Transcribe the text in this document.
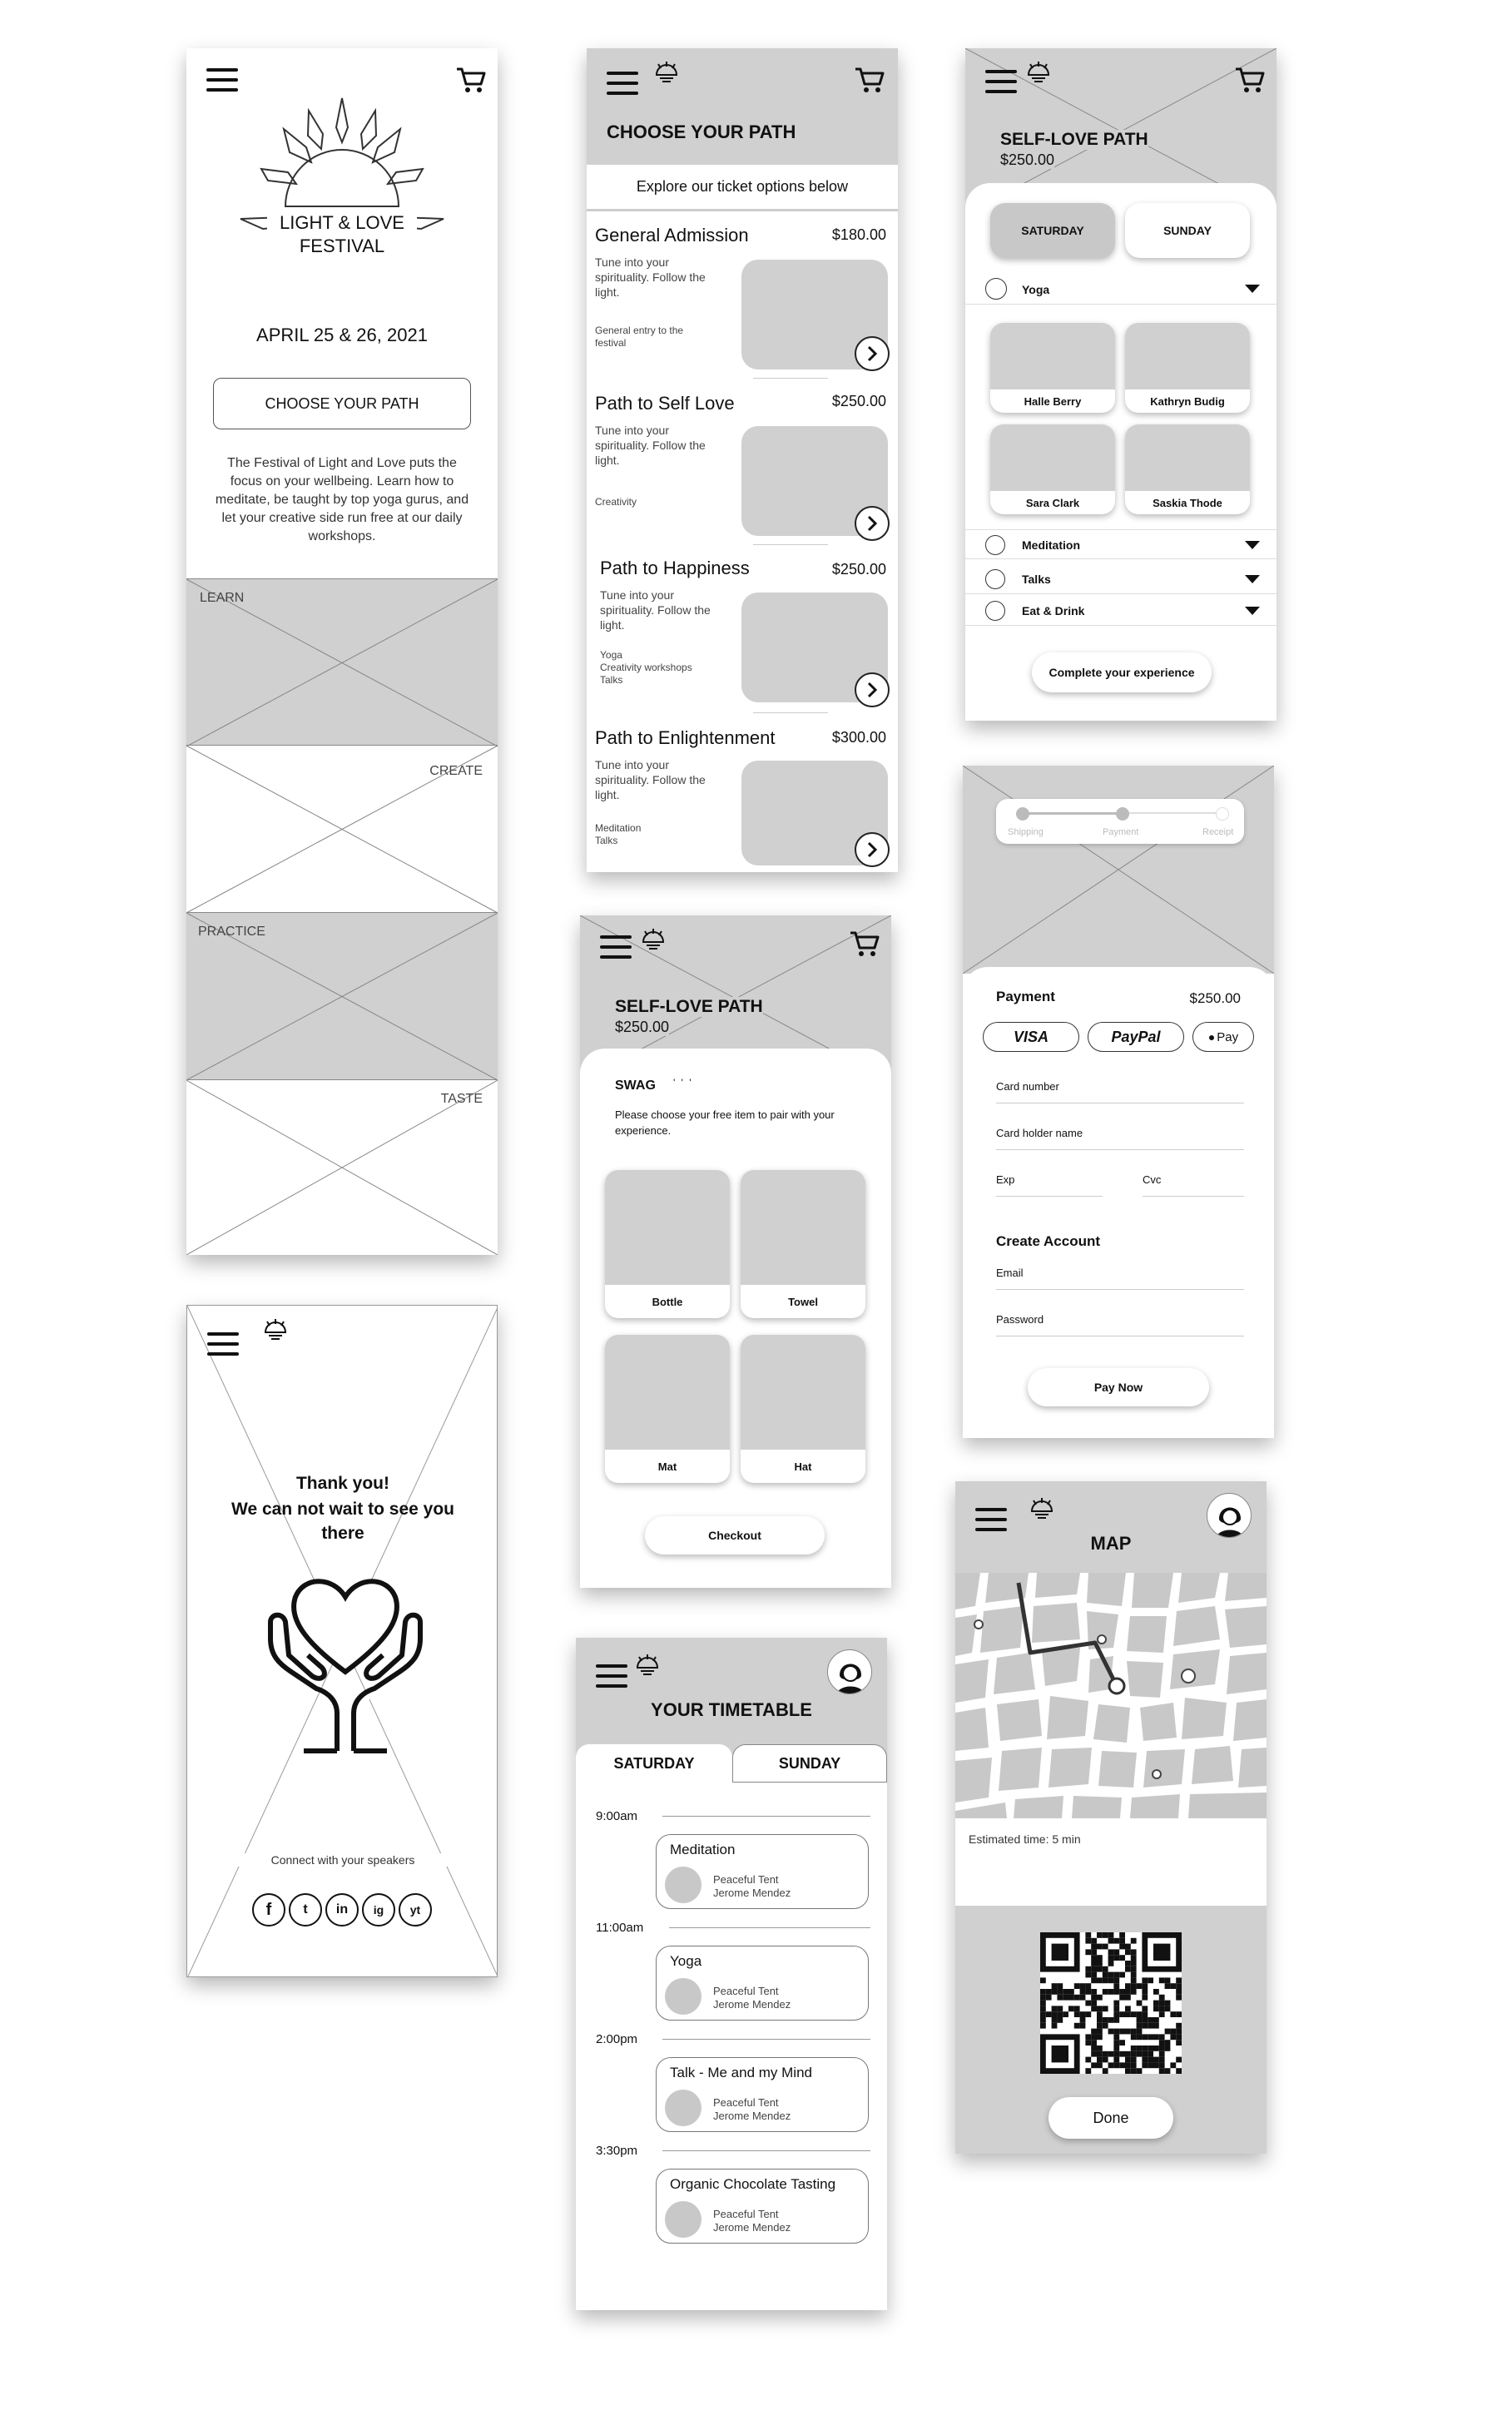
LIGHT & LOVE FESTIVAL
APRIL 25 & 26, 2021
CHOOSE YOUR PATH
The Festival of Light and Love puts the focus on your wellbeing. Learn how to meditate, be taught by top yoga gurus, and let your creative side run free at our daily workshops.
LEARN
CREATE
PRACTICE
TASTE
CHOOSE YOUR PATH
Explore our ticket options below
General Admission	$180.00
Tune into your spirituality. Follow the light.
General entry to the festival
Path to Self Love	$250.00
Tune into your spirituality. Follow the light.
Creativity
Path to Happiness	$250.00
Tune into your spirituality. Follow the light.
Yoga
Creativity workshops
Talks
Path to Enlightenment	$300.00
Tune into your spirituality. Follow the light.
Meditation
Talks
SELF-LOVE PATH
$250.00
SATURDAY	SUNDAY
Yoga
Halle Berry	Kathryn Budig
Sara Clark	Saskia Thode
Meditation
Talks
Eat & Drink
Complete your experience
Shipping	Payment	Receipt
Payment	$250.00
VISA	PayPal	● Pay
Card number
Card holder name
Exp	Cvc
Create Account
Email
Password
Pay Now
SELF-LOVE PATH
$250.00
SWAG ' ' '
Please choose your free item to pair with your experience.
Bottle	Towel
Mat	Hat
Checkout
Thank you!
We can not wait to see you there
Connect with your speakers
f t in ig yt
YOUR TIMETABLE
SATURDAY	SUNDAY
9:00am
Meditation
Peaceful Tent
Jerome Mendez
11:00am
Yoga
Peaceful Tent
Jerome Mendez
2:00pm
Talk - Me and my Mind
Peaceful Tent
Jerome Mendez
3:30pm
Organic Chocolate Tasting
Peaceful Tent
Jerome Mendez
MAP
Estimated time: 5 min
Done
